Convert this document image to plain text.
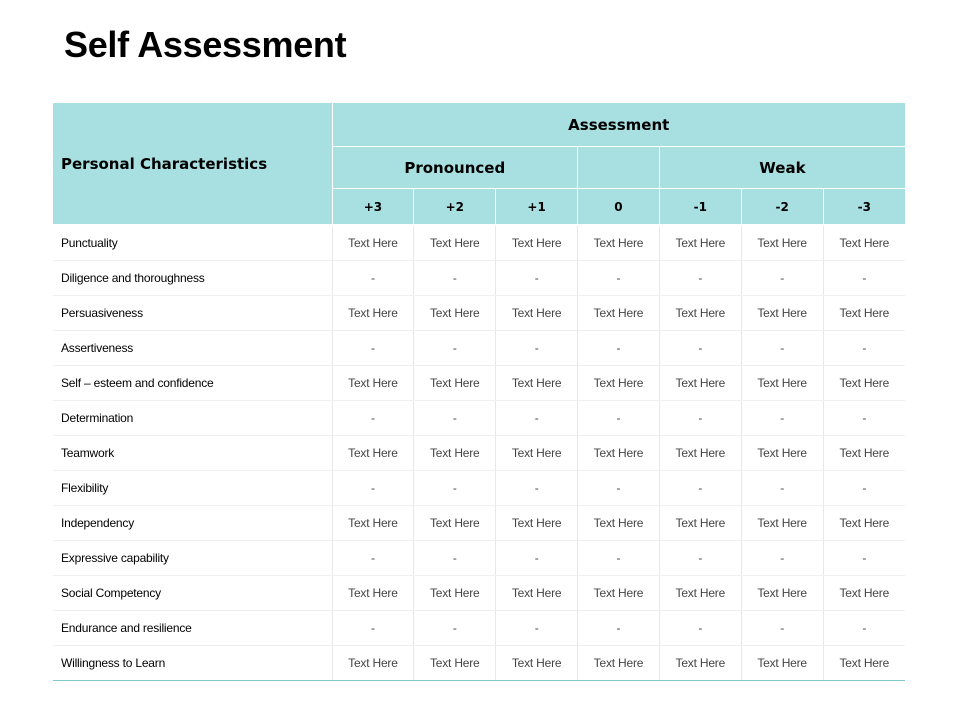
Self Assessment
Personal Characteristics	Assessment						
	Pronounced				Weak		
	+3	+2	+1	0	-1	-2	-3
Punctuality	Text Here	Text Here	Text Here	Text Here	Text Here	Text Here	Text Here
Diligence and thoroughness	-	-	-	-	-	-	-
Persuasiveness	Text Here	Text Here	Text Here	Text Here	Text Here	Text Here	Text Here
Assertiveness	-	-	-	-	-	-	-
Self – esteem and confidence	Text Here	Text Here	Text Here	Text Here	Text Here	Text Here	Text Here
Determination	-	-	-	-	-	-	-
Teamwork	Text Here	Text Here	Text Here	Text Here	Text Here	Text Here	Text Here
Flexibility	-	-	-	-	-	-	-
Independency	Text Here	Text Here	Text Here	Text Here	Text Here	Text Here	Text Here
Expressive capability	-	-	-	-	-	-	-
Social Competency	Text Here	Text Here	Text Here	Text Here	Text Here	Text Here	Text Here
Endurance and resilience	-	-	-	-	-	-	-
Willingness to Learn	Text Here	Text Here	Text Here	Text Here	Text Here	Text Here	Text Here
